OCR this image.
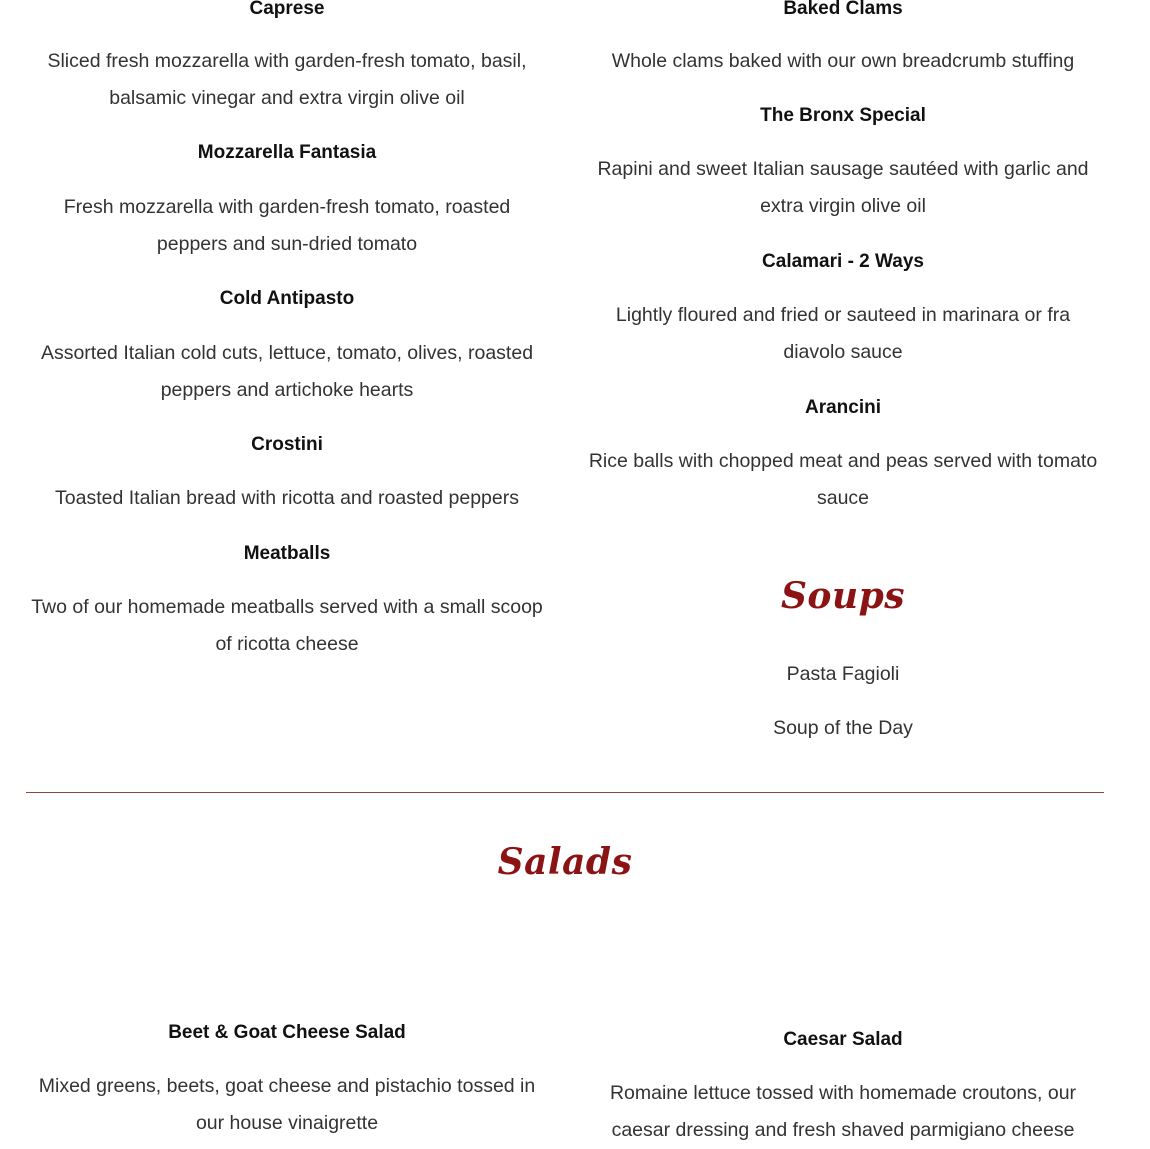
Caprese

Sliced fresh mozzarella with garden-fresh tomato, basil, balsamic vinegar and extra virgin olive oil

Mozzarella Fantasia

Fresh mozzarella with garden-fresh tomato, roasted peppers and sun-dried tomato

Cold Antipasto

Assorted Italian cold cuts, lettuce, tomato, olives, roasted peppers and artichoke hearts

Crostini

Toasted Italian bread with ricotta and roasted peppers

Meatballs

Two of our homemade meatballs served with a small scoop of ricotta cheese

Baked Clams

Whole clams baked with our own breadcrumb stuffing

The Bronx Special

Rapini and sweet Italian sausage sautéed with garlic and extra virgin olive oil

Calamari - 2 Ways

Lightly floured and fried or sauteed in marinara or fra diavolo sauce

Arancini

Rice balls with chopped meat and peas served with tomato sauce

Soups
Pasta Fagioli
Soup of the Day
Salads
Beet & Goat Cheese Salad

Mixed greens, beets, goat cheese and pistachio tossed in our house vinaigrette

Caesar Salad

Romaine lettuce tossed with homemade croutons, our caesar dressing and fresh shaved parmigiano cheese
